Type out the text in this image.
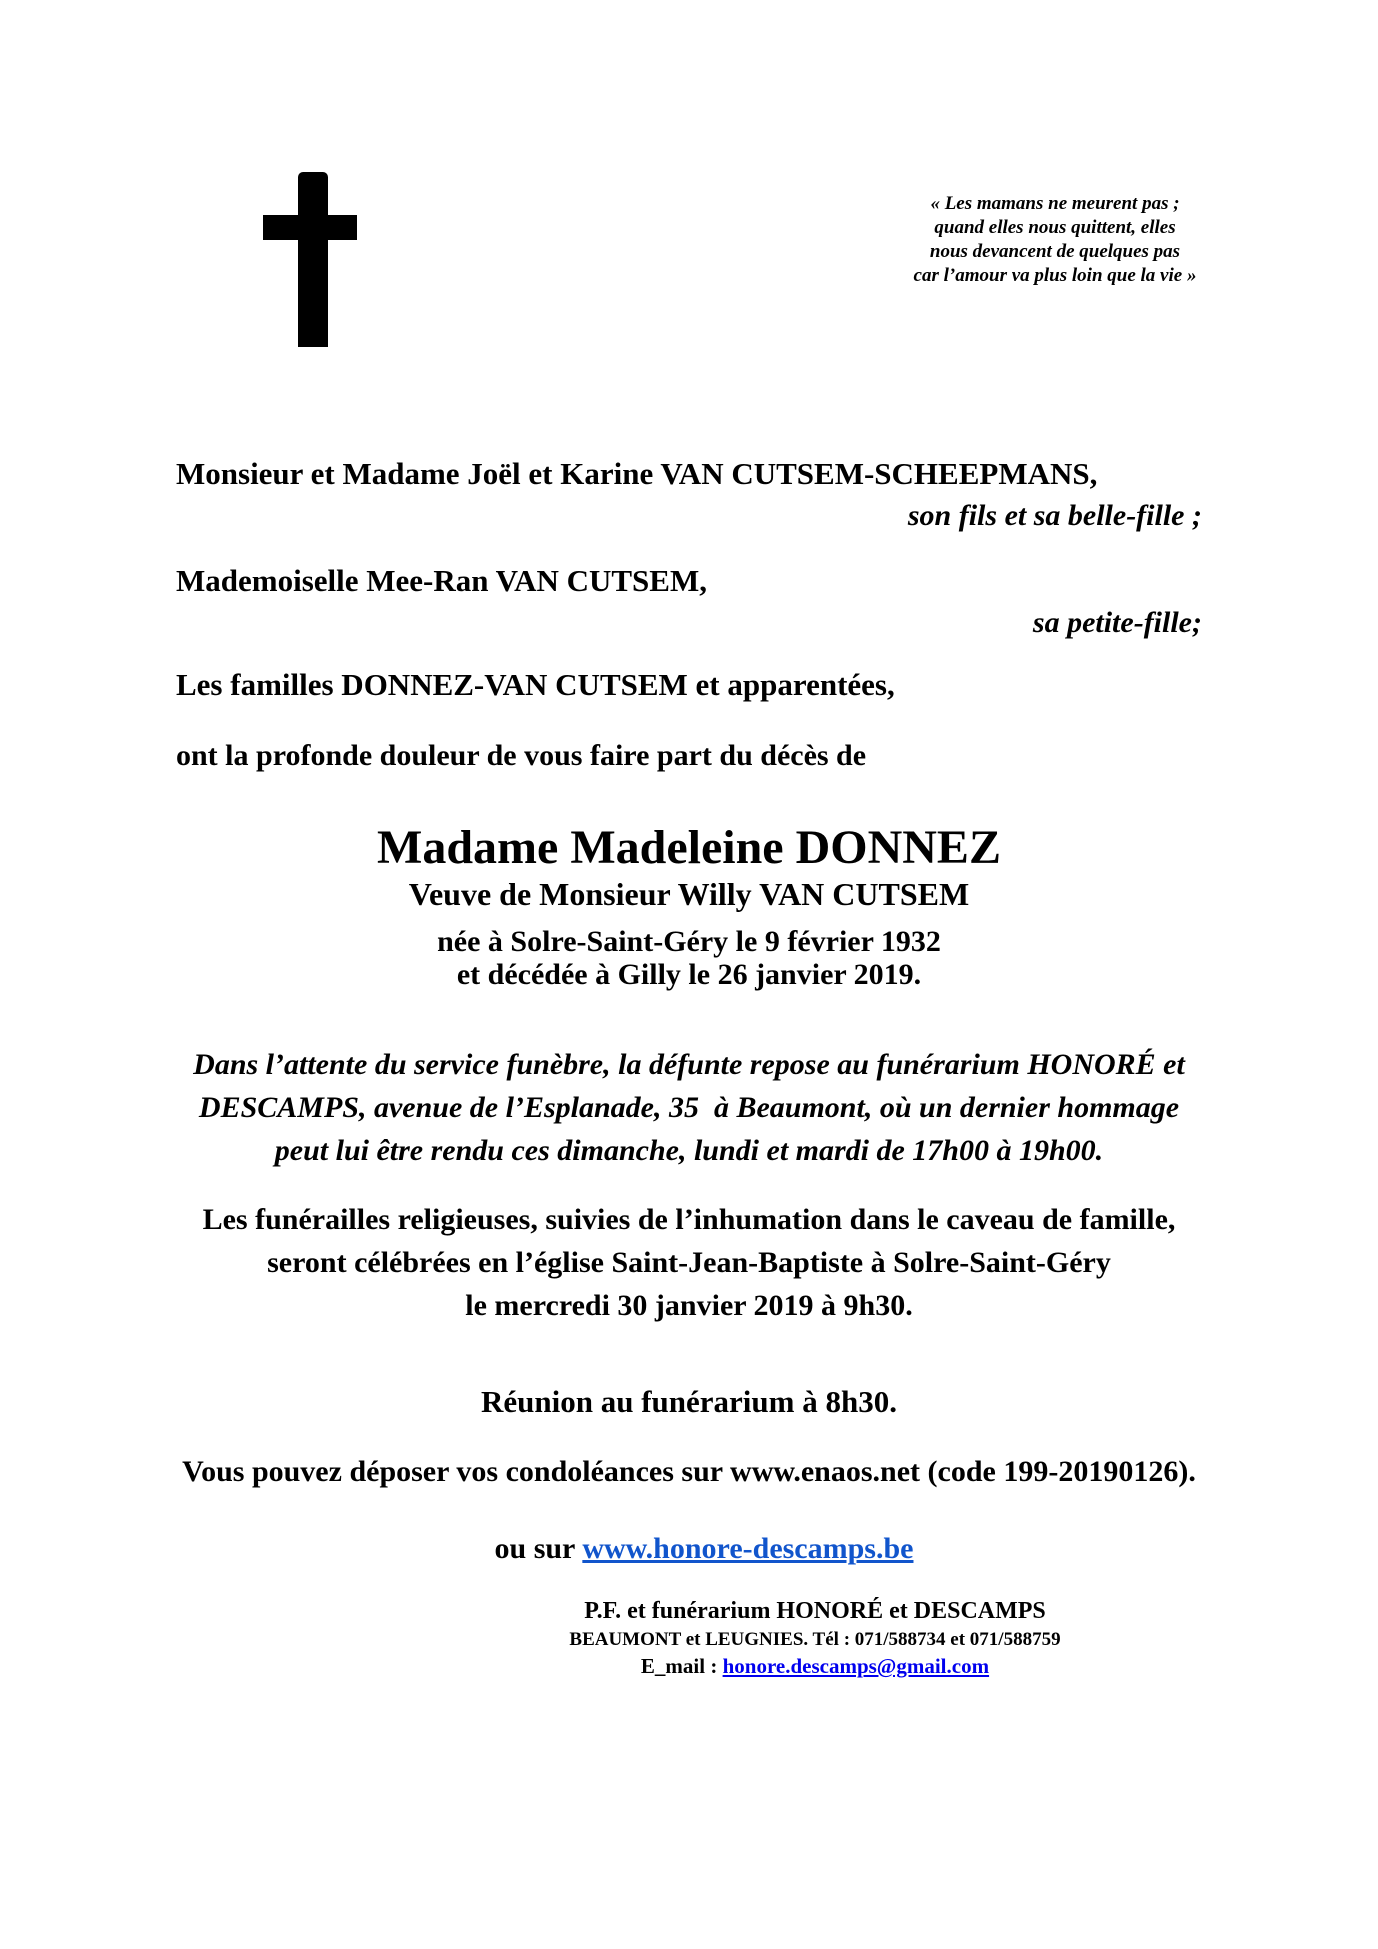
« Les mamans ne meurent pas ;
quand elles nous quittent, elles
nous devancent de quelques pas
car l’amour va plus loin que la vie »
Monsieur et Madame Joël et Karine VAN CUTSEM-SCHEEPMANS,
son fils et sa belle-fille ;
Mademoiselle Mee-Ran VAN CUTSEM,
sa petite-fille;
Les familles DONNEZ-VAN CUTSEM et apparentées,
ont la profonde douleur de vous faire part du décès de
Madame Madeleine DONNEZ
Veuve de Monsieur Willy VAN CUTSEM
née à Solre-Saint-Géry le 9 février 1932
et décédée à Gilly le 26 janvier 2019.
Dans l’attente du service funèbre, la défunte repose au funérarium HONORÉ et
DESCAMPS, avenue de l’Esplanade, 35  à Beaumont, où un dernier hommage
peut lui être rendu ces dimanche, lundi et mardi de 17h00 à 19h00.
Les funérailles religieuses, suivies de l’inhumation dans le caveau de famille,
seront célébrées en l’église Saint-Jean-Baptiste à Solre-Saint-Géry
le mercredi 30 janvier 2019 à 9h30.
Réunion au funérarium à 8h30.
Vous pouvez déposer vos condoléances sur www.enaos.net (code 199-20190126).

ou sur www.honore-descamps.be

P.F. et funérarium HONORÉ et DESCAMPS
BEAUMONT et LEUGNIES. Tél : 071/588734 et 071/588759
E_mail : honore.descamps@gmail.com
